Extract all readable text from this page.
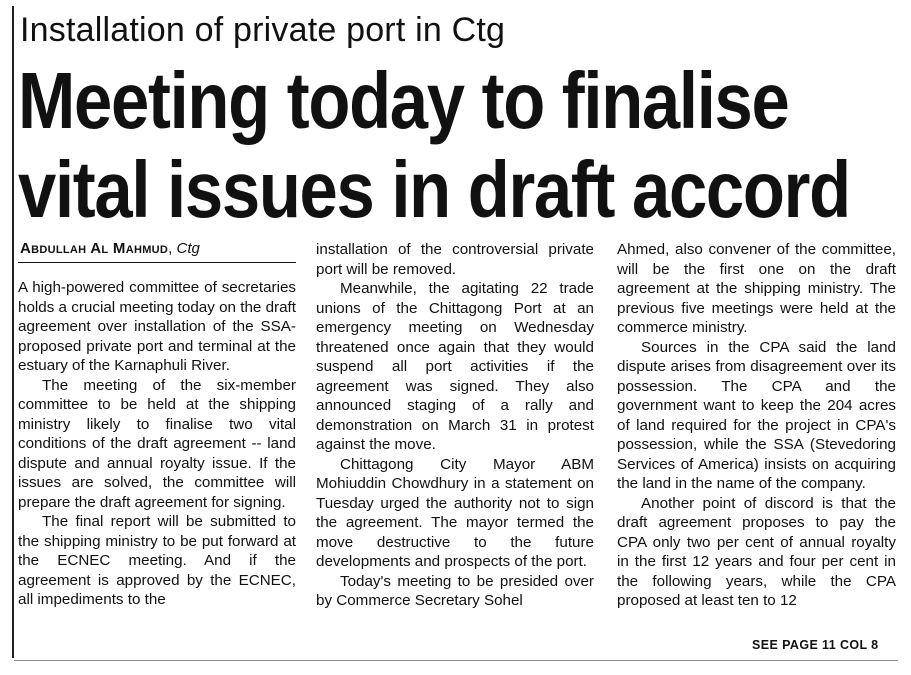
Installation of private port in Ctg
Meeting today to finalise
vital issues in draft accord
Abdullah Al Mahmud, Ctg

A high-powered committee of secretaries holds a crucial meeting today on the draft agreement over installation of the SSA-proposed private port and terminal at the estuary of the Karnaphuli River.

The meeting of the six-member committee to be held at the shipping ministry likely to finalise two vital conditions of the draft agreement -- land dispute and annual royalty issue. If the issues are solved, the committee will prepare the draft agreement for signing.

The final report will be submitted to the shipping ministry to be put forward at the ECNEC meeting. And if the agreement is approved by the ECNEC, all impediments to the

installation of the controversial private port will be removed.

Meanwhile, the agitating 22 trade unions of the Chittagong Port at an emergency meeting on Wednesday threatened once again that they would suspend all port activities if the agreement was signed. They also announced staging of a rally and demonstration on March 31 in protest against the move.

Chittagong City Mayor ABM Mohiuddin Chowdhury in a statement on Tuesday urged the authority not to sign the agreement. The mayor termed the move destructive to the future developments and prospects of the port.

Today's meeting to be presided over by Commerce Secretary Sohel

Ahmed, also convener of the committee, will be the first one on the draft agreement at the shipping ministry. The previous five meetings were held at the commerce ministry.

Sources in the CPA said the land dispute arises from disagreement over its possession. The CPA and the government want to keep the 204 acres of land required for the project in CPA's possession, while the SSA (Stevedoring Services of America) insists on acquiring the land in the name of the company.

Another point of discord is that the draft agreement proposes to pay the CPA only two per cent of annual royalty in the first 12 years and four per cent in the following years, while the CPA proposed at least ten to 12

SEE PAGE 11 COL 8
